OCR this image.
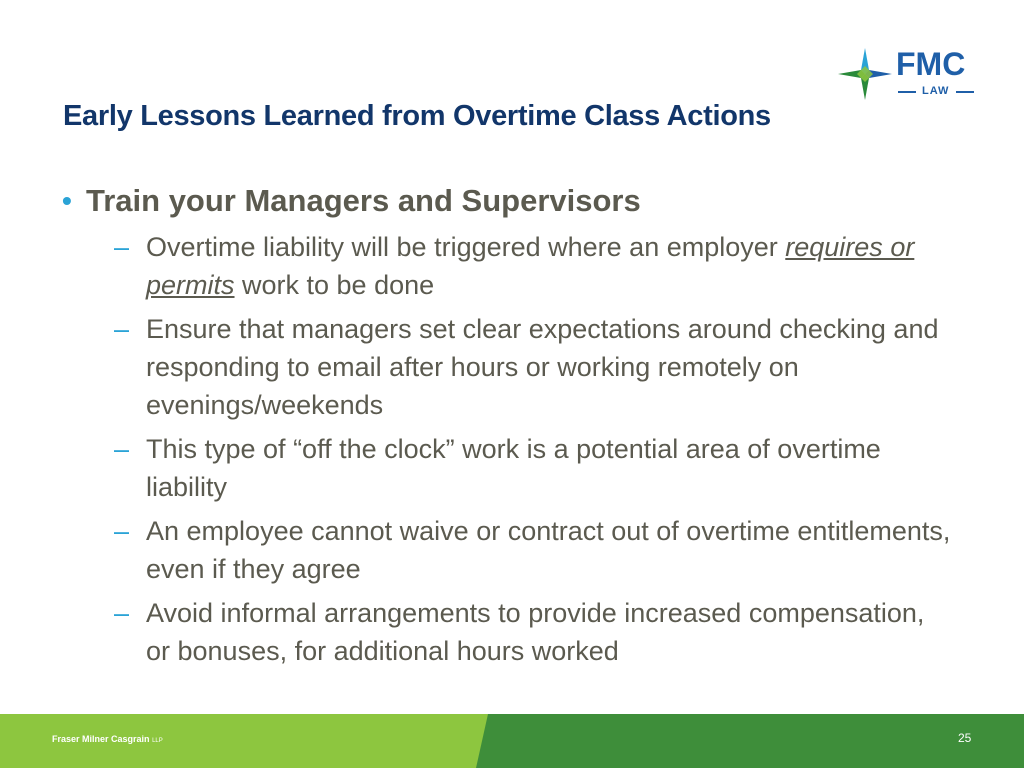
FMC
LAW
Early Lessons Learned from Overtime Class Actions
• Train your Managers and Supervisors
– Overtime liability will be triggered where an employer requires or permits work to be done
– Ensure that managers set clear expectations around checking and responding to email after hours or working remotely on evenings/weekends
– This type of “off the clock” work is a potential area of overtime liability
– An employee cannot waive or contract out of overtime entitlements, even if they agree
– Avoid informal arrangements to provide increased compensation, or bonuses, for additional hours worked
Fraser Milner Casgrain LLP	25
